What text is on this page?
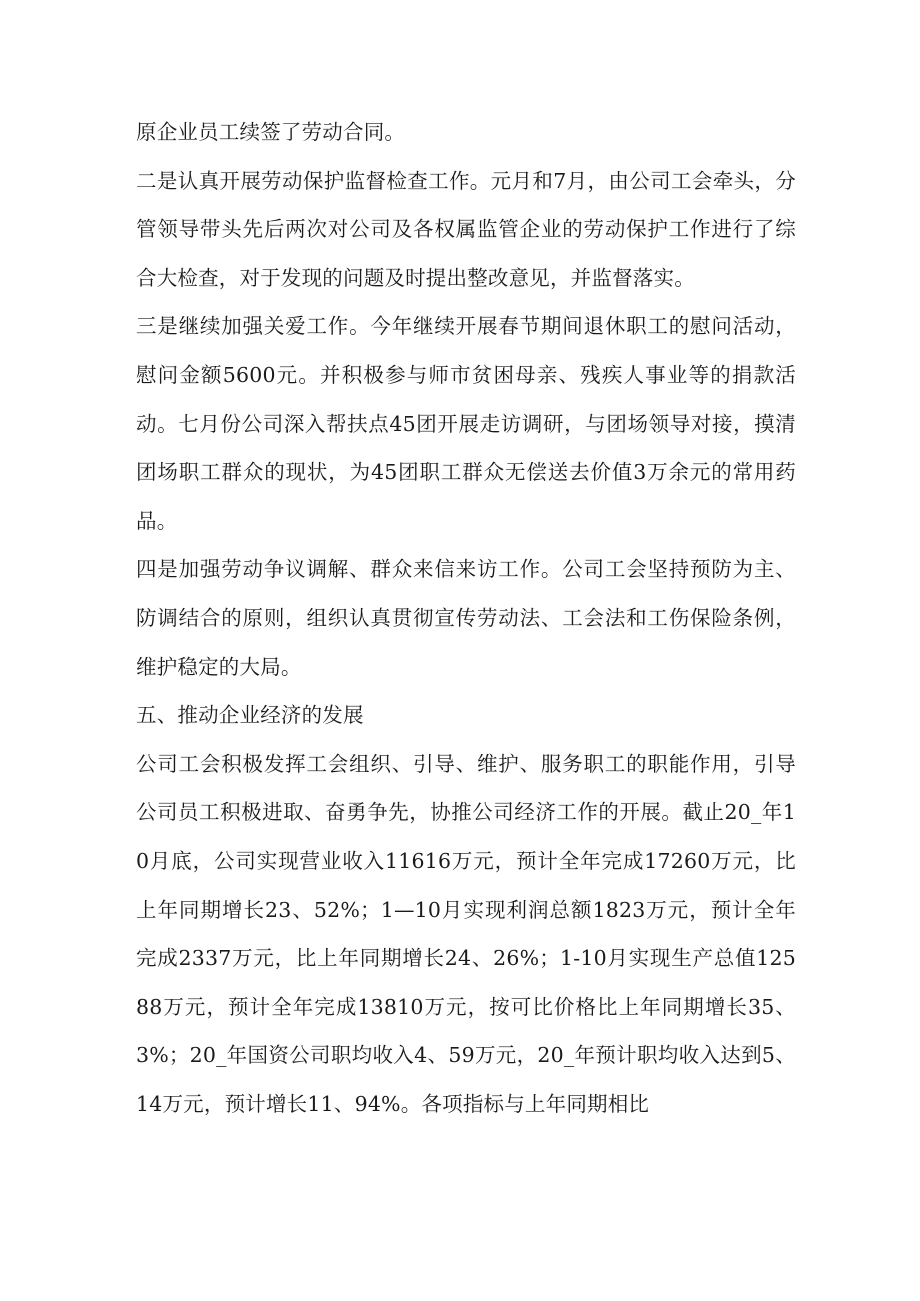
原企业员工续签了劳动合同。

二是认真开展劳动保护监督检查工作。元月和7月，由公司工会牵头，分管领导带头先后两次对公司及各权属监管企业的劳动保护工作进行了综合大检查，对于发现的问题及时提出整改意见，并监督落实。

三是继续加强关爱工作。今年继续开展春节期间退休职工的慰问活动，慰问金额5600元。并积极参与师市贫困母亲、残疾人事业等的捐款活动。七月份公司深入帮扶点45团开展走访调研，与团场领导对接，摸清团场职工群众的现状，为45团职工群众无偿送去价值3万余元的常用药品。

四是加强劳动争议调解、群众来信来访工作。公司工会坚持预防为主、防调结合的原则，组织认真贯彻宣传劳动法、工会法和工伤保险条例，维护稳定的大局。

五、推动企业经济的发展

公司工会积极发挥工会组织、引导、维护、服务职工的职能作用，引导公司员工积极进取、奋勇争先，协推公司经济工作的开展。截止20_年10月底，公司实现营业收入11616万元，预计全年完成17260万元，比上年同期增长23、52%；1—10月实现利润总额1823万元，预计全年完成2337万元，比上年同期增长24、26%；1-10月实现生产总值12588万元，预计全年完成13810万元，按可比价格比上年同期增长35、3%；20_年国资公司职均收入4、59万元，20_年预计职均收入达到5、14万元，预计增长11、94%。各项指标与上年同期相比
